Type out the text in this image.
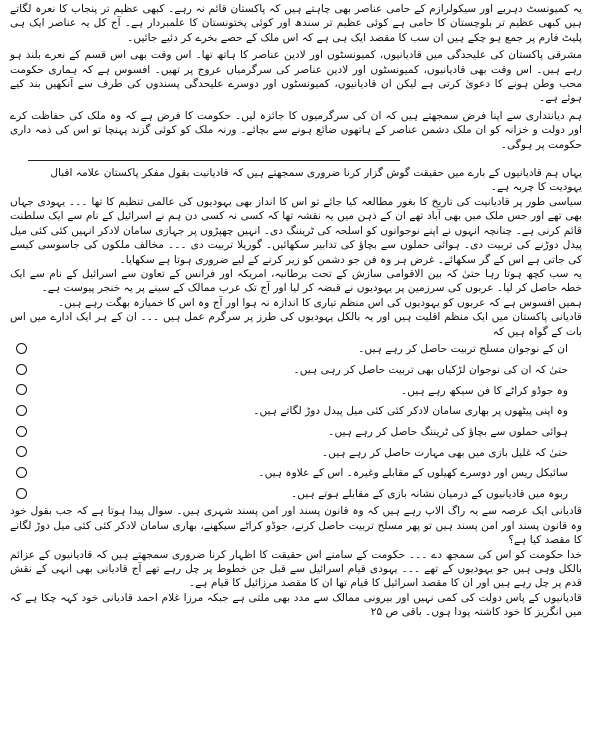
یہ کمیونسٹ دہریے اور سیکولرازم کے حامی عناصر بھی چاہتے ہیں کہ پاکستان قائم نہ رہے۔ کبھی عظیم تر پنجاب کا نعرہ لگاتے ہیں کبھی عظیم تر بلوچستان کا حامی ہے کوئی عظیم تر سندھ اور کوئی پختونستان کا علمبردار ہے۔ آج کل یہ عناصر ایک ہی پلیٹ فارم پر جمع ہو چکے ہیں ان سب کا مقصد ایک ہی ہے کہ اس ملک کے حصے بخرے کر دئیے جائیں۔

مشرقی پاکستان کی علیحدگی میں قادیانیوں، کمیونسٹوں اور لادین عناصر کا ہاتھ تھا۔ اس وقت بھی اس قسم کے نعرے بلند ہو رہے ہیں۔ اس وقت بھی قادیانیوں، کمیونسٹوں اور لادین عناصر کی سرگرمیاں عروج پر تھیں۔ افسوس ہے کہ ہماری حکومت محب وطن ہونے کا دعویٰ کرتی ہے لیکن ان قادیانیوں، کمیونسٹوں اور دوسرے علیحدگی پسندوں کی طرف سے آنکھیں بند کیے ہوئے ہے۔

ہم دیانتداری سے اپنا فرض سمجھتے ہیں کہ ان کی سرگرمیوں کا جائزہ لیں۔ حکومت کا فرض ہے کہ وہ ملک کی حفاظت کرے اور دولت و خزانہ کو ان ملک دشمن عناصر کے ہاتھوں ضائع ہونے سے بچائے۔ ورنہ ملک کو کوئی گزند پہنچا تو اس کی ذمہ داری حکومت پر ہوگی۔

یہاں ہم قادیانیوں کے بارے میں حقیقت گوش گزار کرنا ضروری سمجھتے ہیں کہ قادیانیت بقول مفکر پاکستان علامہ اقبال

یہودیت کا چربہ ہے۔

سیاسی طور پر قادیانیت کی تاریخ کا بغور مطالعہ کیا جائے تو اس کا انداز بھی یہودیوں کی عالمی تنظیم کا تھا ۔۔۔ یہودی جہاں بھی تھے اور جس ملک میں بھی آباد تھے ان کے ذہن میں یہ نقشہ تھا کہ کسی نہ کسی دن ہم نے اسرائیل کے نام سے ایک سلطنت قائم کرنی ہے۔ چنانچہ انہوں نے اپنے نوجوانوں کو اسلحہ کی ٹریننگ دی۔ انہیں چھپڑوں پر جہازی سامان لادکر انہیں کئی کئی میل پیدل دوڑنے کی تربیت دی۔ ہوائی حملوں سے بچاؤ کی تدابیر سکھائیں۔ گوریلا تربیت دی ۔۔۔ مخالف ملکوں کی جاسوسی کیسے کی جاتی ہے اس کے گر سکھائے۔ غرض ہر وہ فن جو دشمن کو زیر کرنے کے لیے ضروری ہوتا ہے سکھایا۔

یہ سب کچھ ہوتا رہا حتیٰ کہ بین الاقوامی سازش کے تحت برطانیہ، امریکہ اور فرانس کے تعاون سے اسرائیل کے نام سے ایک خطہ حاصل کر لیا۔ عربوں کی سرزمین پر یہودیوں نے قبضہ کر لیا اور آج تک عرب ممالک کے سینے پر یہ خنجر پیوست ہے۔

ہمیں افسوس ہے کہ عربوں کو یہودیوں کی اس منظم تیاری کا اندازہ نہ ہوا اور آج وہ اس کا خمیازہ بھگت رہے ہیں۔

قادیانی پاکستان میں ایک منظم اقلیت ہیں اور یہ بالکل یہودیوں کی طرز پر سرگرم عمل ہیں ۔۔۔ ان کے ہر ایک ادارے میں اس بات کے گواہ ہیں کہ

ان کے نوجوان مسلح تربیت حاصل کر رہے ہیں۔
حتیٰ کہ ان کی نوجوان لڑکیاں بھی تربیت حاصل کر رہی ہیں۔
وہ جوڈو کراٹے کا فن سیکھ رہے ہیں۔
وہ اپنی پیٹھوں پر بھاری سامان لادکر کئی کئی میل پیدل دوڑ لگاتے ہیں۔
ہوائی حملوں سے بچاؤ کی ٹریننگ حاصل کر رہے ہیں۔
حتیٰ کہ غلیل بازی میں بھی مہارت حاصل کر رہے ہیں۔
سائیکل ریس اور دوسرے کھیلوں کے مقابلے وغیرہ۔ اس کے علاوہ ہیں۔
ربوہ میں قادیانیوں کے درمیان نشانہ بازی کے مقابلے ہوتے ہیں۔

قادیانی ایک عرصہ سے یہ راگ الاپ رہے ہیں کہ وہ قانون پسند اور امن پسند شہری ہیں۔ سوال پیدا ہوتا ہے کہ جب بقول خود وہ قانون پسند اور امن پسند ہیں تو پھر مسلح تربیت حاصل کرنے، جوڈو کراٹے سیکھنے، بھاری سامان لادکر کئی کئی میل دوڑ لگانے کا مقصد کیا ہے؟

خدا حکومت کو اس کی سمجھ دے ۔۔۔ حکومت کے سامنے اس حقیقت کا اظہار کرنا ضروری سمجھتے ہیں کہ قادیانیوں کے عزائم بالکل وہی ہیں جو یہودیوں کے تھے ۔۔۔ یہودی قیام اسرائیل سے قبل جن خطوط پر چل رہے تھے آج قادیانی بھی انہی کے نقش قدم پر چل رہے ہیں اور ان کا مقصد اسرائیل کا قیام تھا ان کا مقصد مرزائیل کا قیام ہے۔

قادیانیوں کے پاس دولت کی کمی نہیں اور بیرونی ممالک سے مدد بھی ملتی ہے جبکہ مرزا غلام احمد قادیانی خود کہہ چکا ہے کہ میں انگریز کا خود کاشتہ پودا ہوں۔ باقی ص ۲۵
